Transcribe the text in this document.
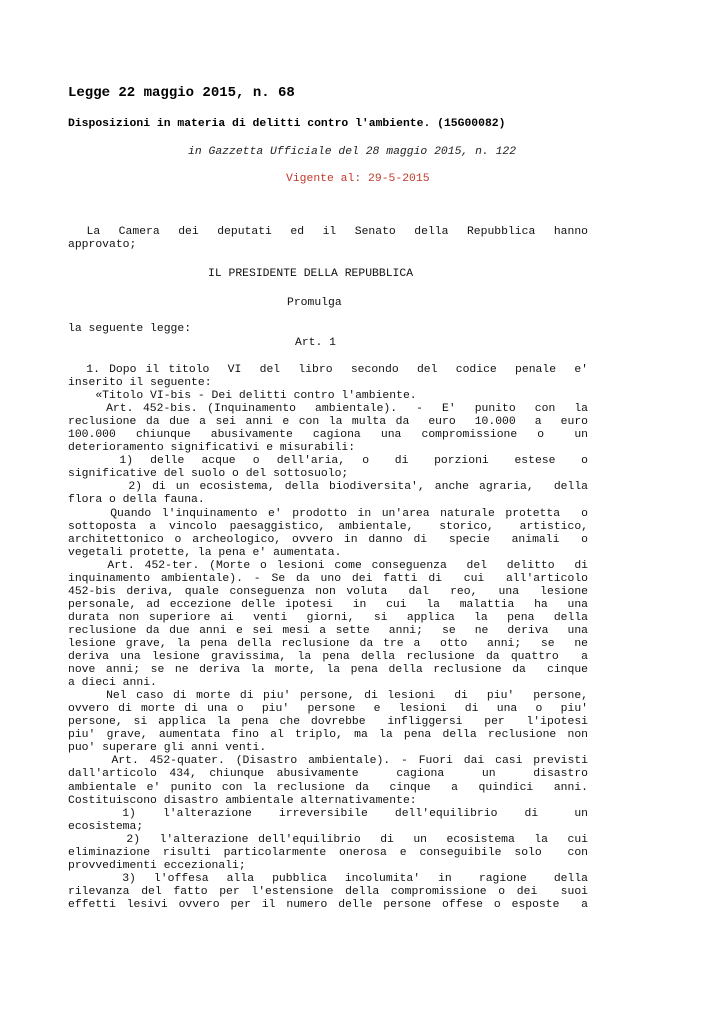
Legge 22 maggio 2015, n. 68
Disposizioni in materia di delitti contro l'ambiente. (15G00082)
in Gazzetta Ufficiale del 28 maggio 2015, n. 122
Vigente al: 29-5-2015
La  Camera  dei  deputati  ed  il  Senato  della  Repubblica  hanno
approvato;
IL PRESIDENTE DELLA REPUBBLICA
Promulga
la seguente legge:
Art. 1
1. Dopo il titolo  VI  del  libro  secondo  del  codice  penale  e'
inserito il seguente:
«Titolo VI-bis - Dei delitti contro l'ambiente.
Art. 452-bis. (Inquinamento  ambientale).  -  E'  punito  con  la
reclusione da due a sei anni e con la multa da  euro  10.000  a  euro
100.000  chiunque  abusivamente  cagiona  una  compromissione  o   un
deterioramento significativi e misurabili:
1)  delle  acque  o  dell'aria,  o   di   porzioni   estese   o
significative del suolo o del sottosuolo;
2) di un ecosistema, della biodiversita', anche agraria,  della
flora o della fauna.
Quando l'inquinamento e' prodotto in un'area naturale protetta  o
sottoposta a vincolo paesaggistico, ambientale,  storico,  artistico,
architettonico o archeologico, ovvero in danno di  specie  animali  o
vegetali protette, la pena e' aumentata.
Art. 452-ter. (Morte o lesioni come conseguenza  del  delitto  di
inquinamento ambientale). - Se da uno dei fatti di  cui  all'articolo
452-bis deriva, quale conseguenza non voluta  dal  reo,  una  lesione
personale, ad eccezione delle ipotesi  in  cui  la  malattia  ha  una
durata non superiore ai  venti  giorni,  si  applica  la  pena  della
reclusione da due anni e sei mesi a sette  anni;  se  ne  deriva  una
lesione grave, la pena della reclusione da tre a  otto  anni;  se  ne
deriva una lesione gravissima, la pena della reclusione da quattro  a
nove anni; se ne deriva la morte, la pena della reclusione da  cinque
a dieci anni.
Nel caso di morte di piu' persone, di lesioni  di  piu'  persone,
ovvero di morte di una o  piu'  persone  e  lesioni  di  una  o  piu'
persone, si applica la pena che dovrebbe  infliggersi  per  l'ipotesi
piu' grave, aumentata fino al triplo, ma la pena della reclusione non
puo' superare gli anni venti.
Art. 452-quater. (Disastro ambientale). - Fuori dai casi previsti
dall'articolo 434, chiunque abusivamente   cagiona   un   disastro
ambientale e' punito con la reclusione da  cinque  a  quindici  anni.
Costituiscono disastro ambientale alternativamente:
1)   l'alterazione   irreversibile   dell'equilibrio   di    un
ecosistema;
2)  l'alterazione dell'equilibrio  di  un  ecosistema  la  cui
eliminazione risulti particolarmente onerosa e conseguibile solo  con
provvedimenti eccezionali;
3)  l'offesa  alla  pubblica  incolumita'  in   ragione   della
rilevanza del fatto per l'estensione della compromissione o dei  suoi
effetti lesivi ovvero per il numero delle persone offese o esposte  a
